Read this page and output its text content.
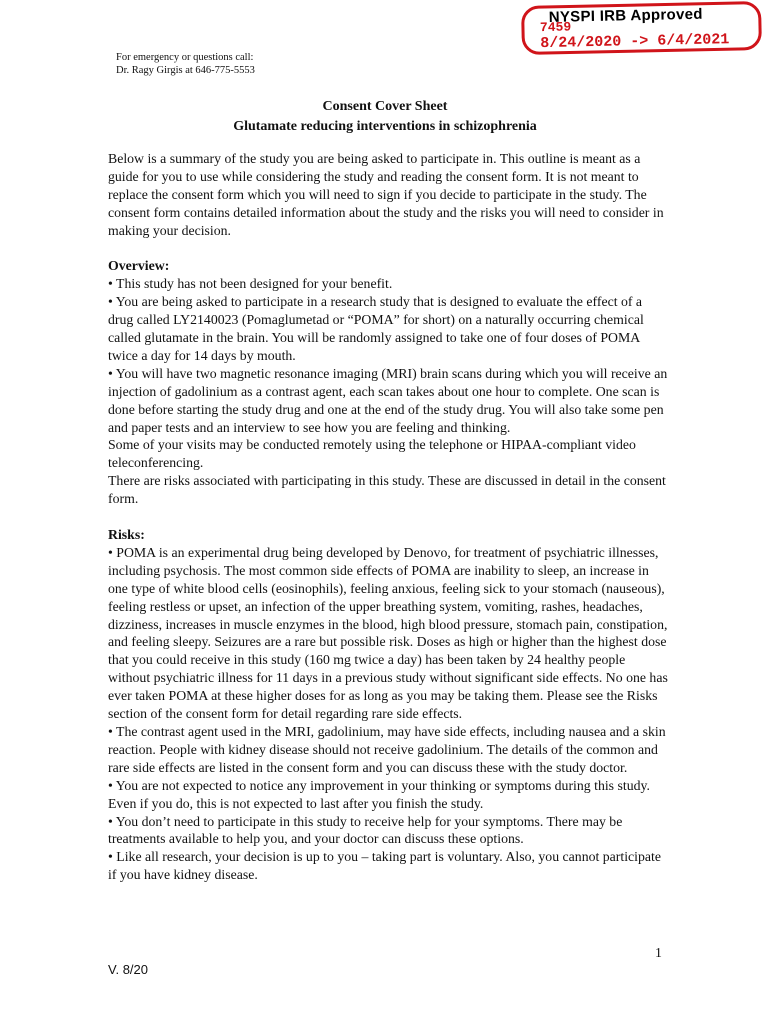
NYSPI IRB Approved
7459
8/24/2020 -> 6/4/2021
For emergency or questions call:
Dr. Ragy Girgis at 646-775-5553
Consent Cover Sheet
Glutamate reducing interventions in schizophrenia

Below is a summary of the study you are being asked to participate in. This outline is meant as a guide for you to use while considering the study and reading the consent form. It is not meant to replace the consent form which you will need to sign if you decide to participate in the study. The consent form contains detailed information about the study and the risks you will need to consider in making your decision.

Overview:

• This study has not been designed for your benefit.

• You are being asked to participate in a research study that is designed to evaluate the effect of a drug called LY2140023 (Pomaglumetad or “POMA” for short) on a naturally occurring chemical called glutamate in the brain. You will be randomly assigned to take one of four doses of POMA twice a day for 14 days by mouth.

• You will have two magnetic resonance imaging (MRI) brain scans during which you will receive an injection of gadolinium as a contrast agent, each scan takes about one hour to complete. One scan is done before starting the study drug and one at the end of the study drug. You will also take some pen and paper tests and an interview to see how you are feeling and thinking.

Some of your visits may be conducted remotely using the telephone or HIPAA-compliant video teleconferencing.

There are risks associated with participating in this study. These are discussed in detail in the consent form.

Risks:

• POMA is an experimental drug being developed by Denovo, for treatment of psychiatric illnesses, including psychosis. The most common side effects of POMA are inability to sleep, an increase in one type of white blood cells (eosinophils), feeling anxious, feeling sick to your stomach (nauseous), feeling restless or upset, an infection of the upper breathing system, vomiting, rashes, headaches, dizziness, increases in muscle enzymes in the blood, high blood pressure, stomach pain, constipation, and feeling sleepy. Seizures are a rare but possible risk. Doses as high or higher than the highest dose that you could receive in this study (160 mg twice a day) has been taken by 24 healthy people without psychiatric illness for 11 days in a previous study without significant side effects. No one has ever taken POMA at these higher doses for as long as you may be taking them. Please see the Risks section of the consent form for detail regarding rare side effects.

• The contrast agent used in the MRI, gadolinium, may have side effects, including nausea and a skin reaction. People with kidney disease should not receive gadolinium. The details of the common and rare side effects are listed in the consent form and you can discuss these with the study doctor.

• You are not expected to notice any improvement in your thinking or symptoms during this study. Even if you do, this is not expected to last after you finish the study.

• You don’t need to participate in this study to receive help for your symptoms. There may be treatments available to help you, and your doctor can discuss these options.

• Like all research, your decision is up to you – taking part is voluntary. Also, you cannot participate if you have kidney disease.

1
V. 8/20
